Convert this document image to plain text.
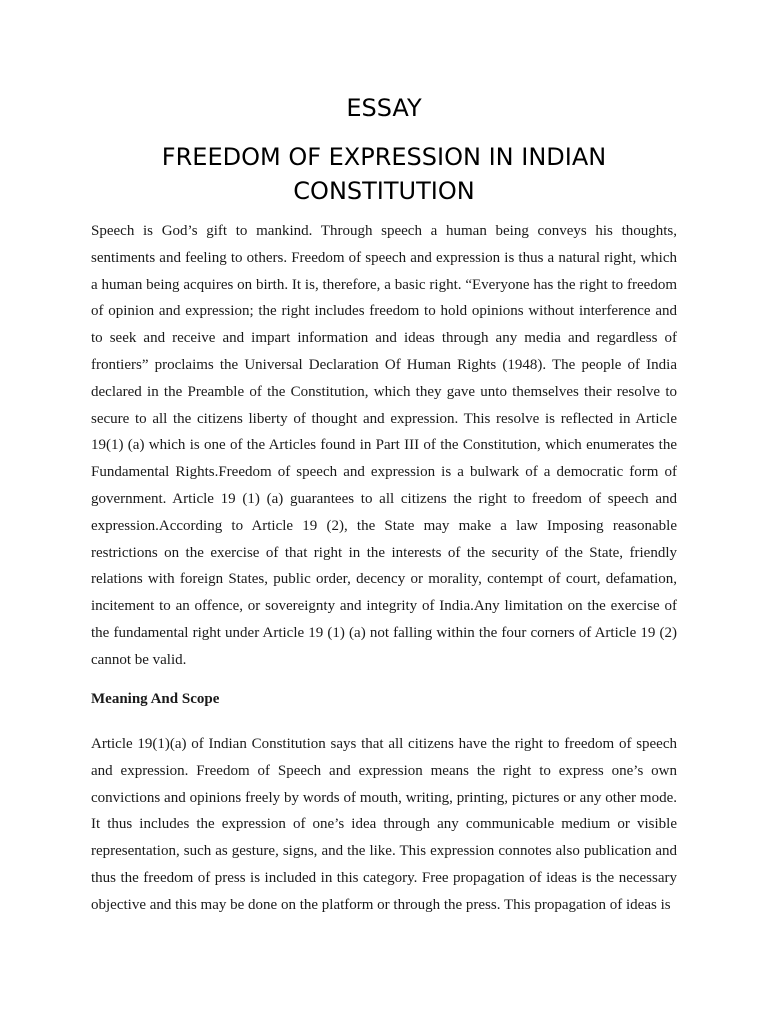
ESSAY
FREEDOM OF EXPRESSION IN INDIAN CONSTITUTION

Speech is God’s gift to mankind. Through speech a human being conveys his thoughts, sentiments and feeling to others. Freedom of speech and expression is thus a natural right, which a human being acquires on birth. It is, therefore, a basic right. “Everyone has the right to freedom of opinion and expression; the right includes freedom to hold opinions without interference and to seek and receive and impart information and ideas through any media and regardless of frontiers” proclaims the Universal Declaration Of Human Rights (1948). The people of India declared in the Preamble of the Constitution, which they gave unto themselves their resolve to secure to all the citizens liberty of thought and expression. This resolve is reflected in Article 19(1) (a) which is one of the Articles found in Part III of the Constitution, which enumerates the Fundamental Rights.Freedom of speech and expression is a bulwark of a democratic form of government. Article 19 (1) (a) guarantees to all citizens the right to freedom of speech and expression.According to Article 19 (2), the State may make a law Imposing reasonable restrictions on the exercise of that right in the interests of the security of the State, friendly relations with foreign States, public order, decency or morality, contempt of court, defamation, incitement to an offence, or sovereignty and integrity of India.Any limitation on the exercise of the fundamental right under Article 19 (1) (a) not falling within the four corners of Article 19 (2) cannot be valid.

Meaning And Scope

Article 19(1)(a) of Indian Constitution says that all citizens have the right to freedom of speech and expression. Freedom of Speech and expression means the right to express one’s own convictions and opinions freely by words of mouth, writing, printing, pictures or any other mode. It thus includes the expression of one’s idea through any communicable medium or visible representation, such as gesture, signs, and the like. This expression connotes also publication and thus the freedom of press is included in this category. Free propagation of ideas is the necessary objective and this may be done on the platform or through the press. This propagation of ideas is
